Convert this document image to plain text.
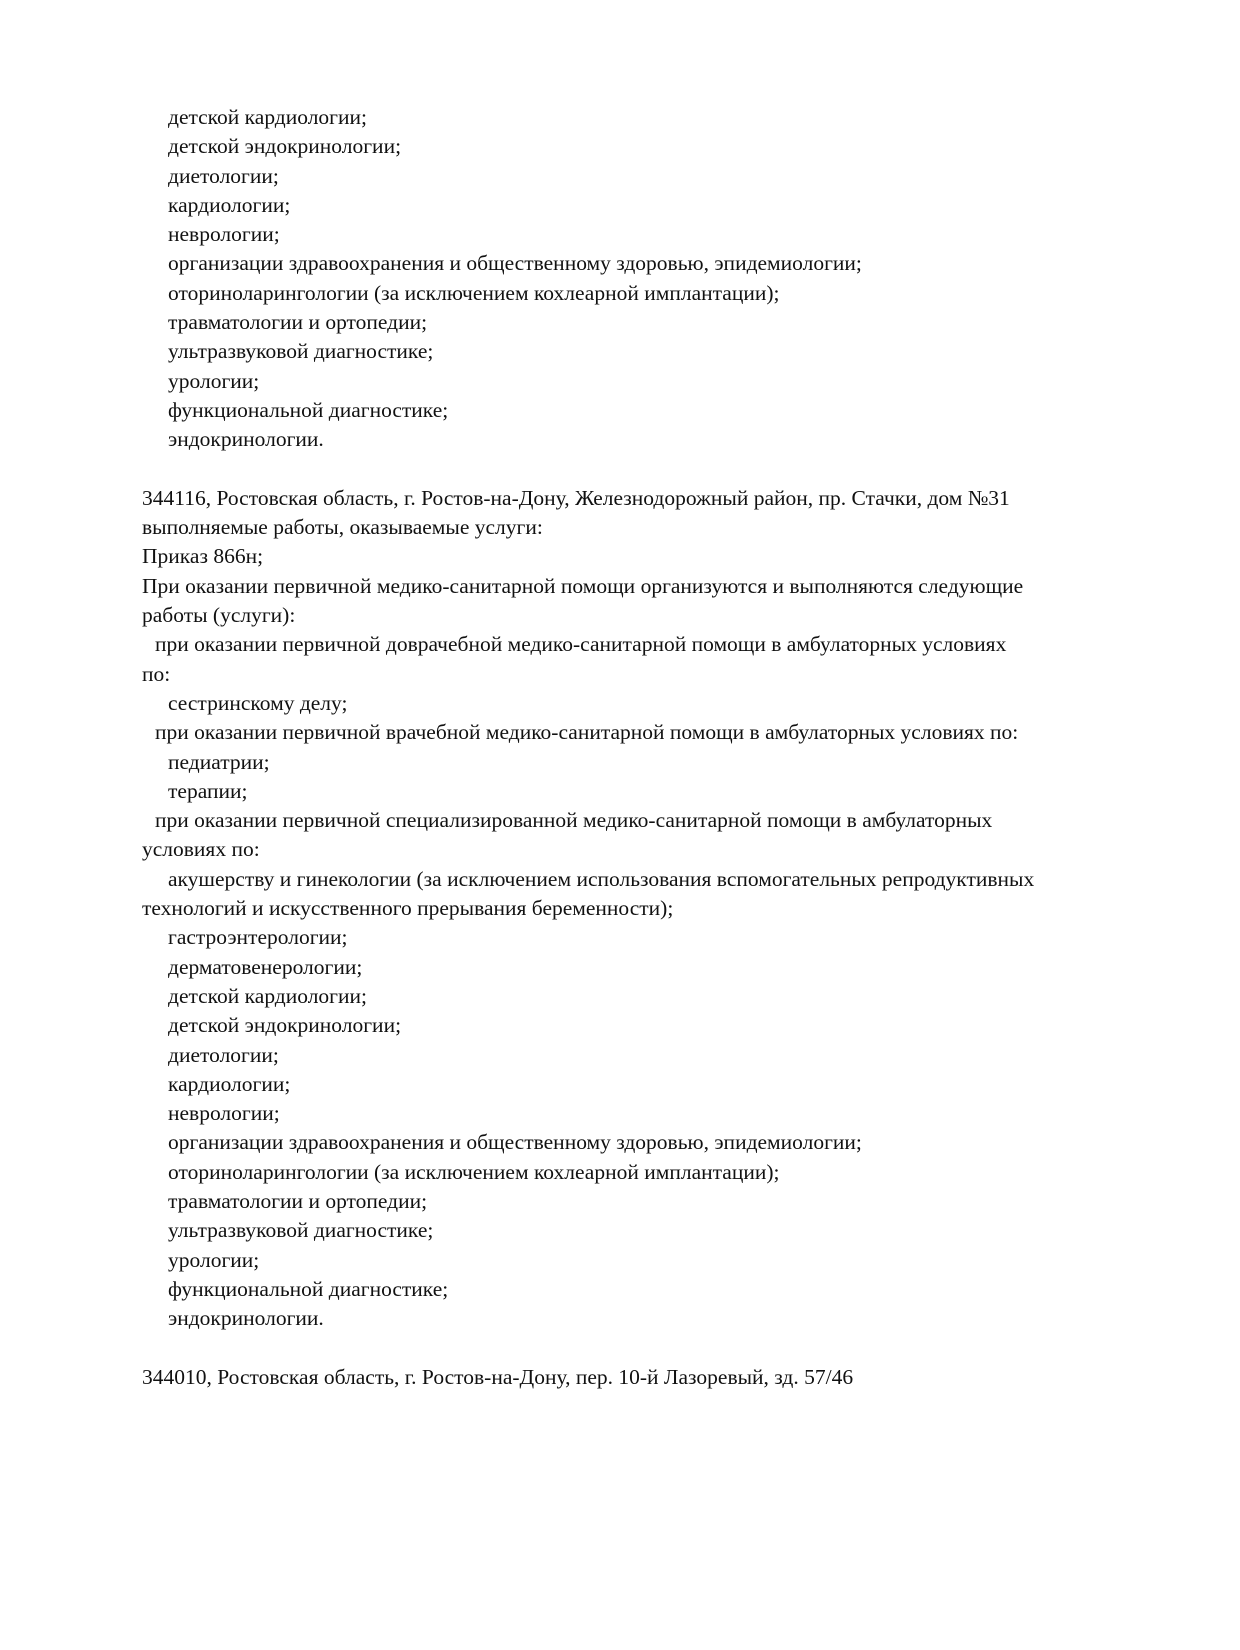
детской кардиологии;
детской эндокринологии;
диетологии;
кардиологии;
неврологии;
организации здравоохранения и общественному здоровью, эпидемиологии;
оториноларингологии (за исключением кохлеарной имплантации);
травматологии и ортопедии;
ультразвуковой диагностике;
урологии;
функциональной диагностике;
эндокринологии.
344116, Ростовская область, г. Ростов-на-Дону, Железнодорожный район, пр. Стачки, дом №31
выполняемые работы, оказываемые услуги:
Приказ 866н;
При оказании первичной медико-санитарной помощи организуются и выполняются следующие
работы (услуги):
при оказании первичной доврачебной медико-санитарной помощи в амбулаторных условиях
по:
сестринскому делу;
при оказании первичной врачебной медико-санитарной помощи в амбулаторных условиях по:
педиатрии;
терапии;
при оказании первичной специализированной медико-санитарной помощи в амбулаторных
условиях по:
акушерству и гинекологии (за исключением использования вспомогательных репродуктивных
технологий и искусственного прерывания беременности);
гастроэнтерологии;
дерматовенерологии;
детской кардиологии;
детской эндокринологии;
диетологии;
кардиологии;
неврологии;
организации здравоохранения и общественному здоровью, эпидемиологии;
оториноларингологии (за исключением кохлеарной имплантации);
травматологии и ортопедии;
ультразвуковой диагностике;
урологии;
функциональной диагностике;
эндокринологии.
344010, Ростовская область, г. Ростов-на-Дону, пер. 10-й Лазоревый, зд. 57/46
